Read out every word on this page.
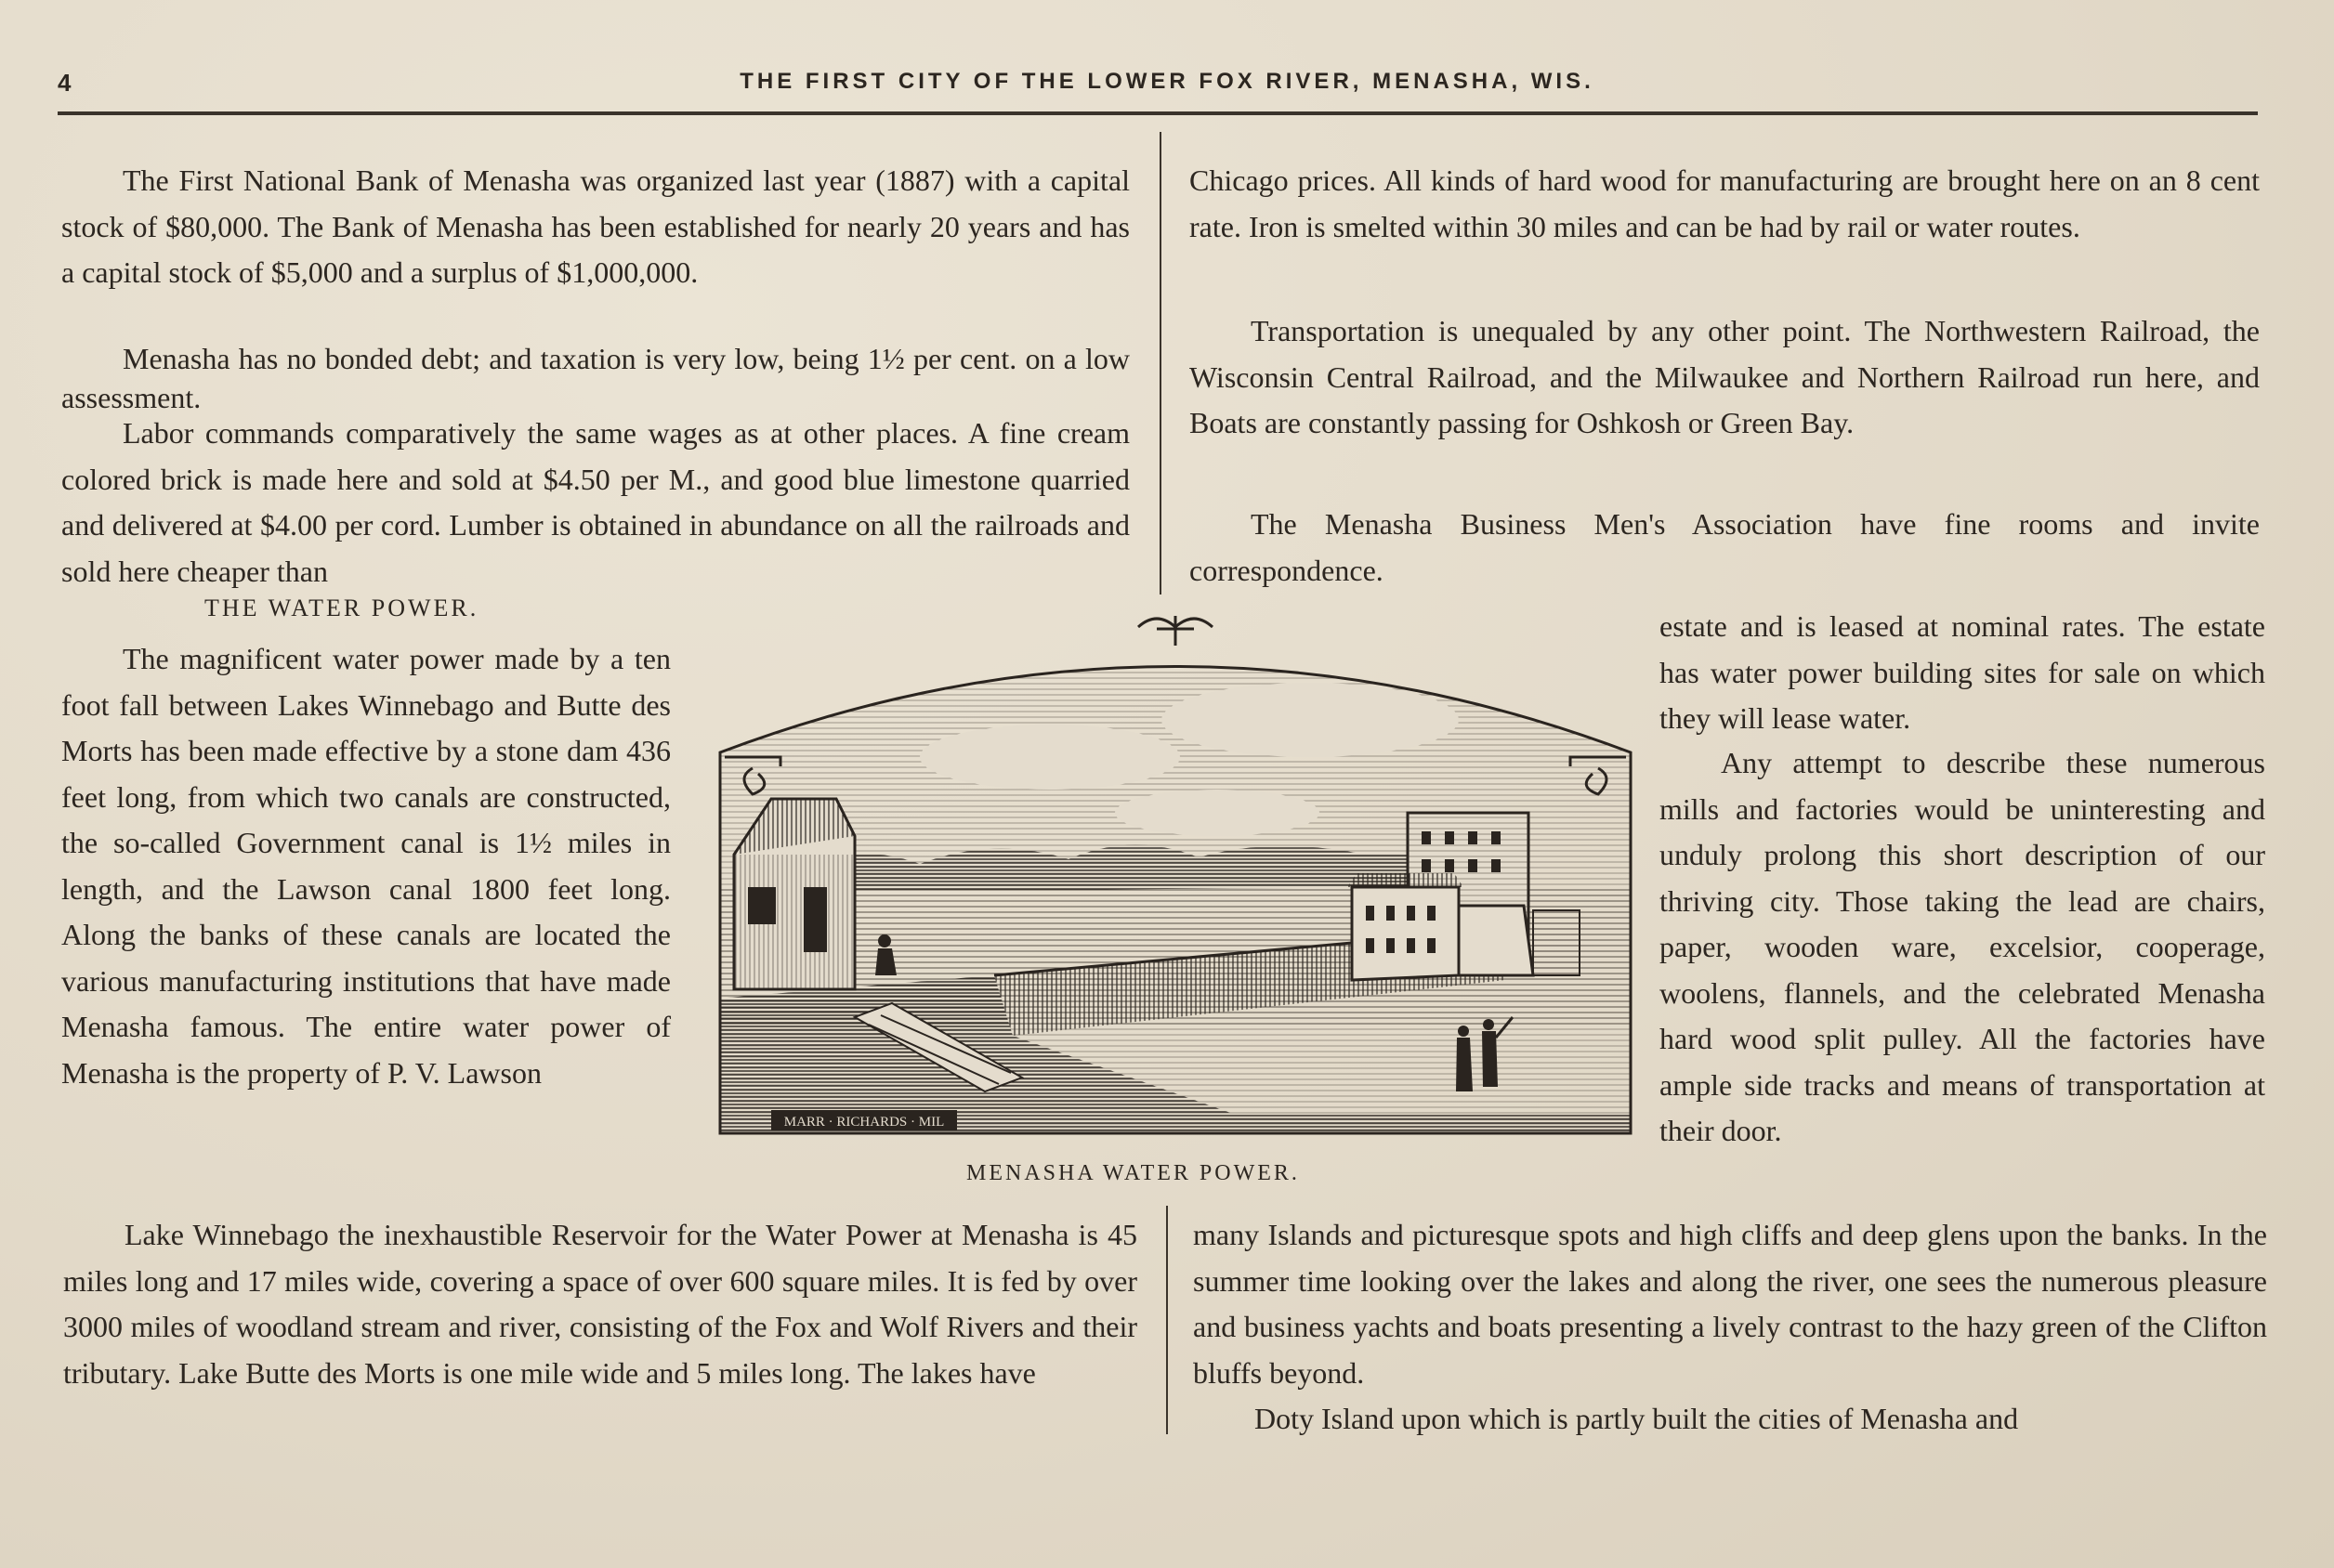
4	THE FIRST CITY OF THE LOWER FOX RIVER, MENASHA, WIS.
The First National Bank of Menasha was organized last year (1887) with a capital stock of $80,000. The Bank of Menasha has been established for nearly 20 years and has a capital stock of $5,000 and a surplus of $1,000,000.
Menasha has no bonded debt; and taxation is very low, being 1½ per cent. on a low assessment.
Labor commands comparatively the same wages as at other places. A fine cream colored brick is made here and sold at $4.50 per M., and good blue limestone quarried and delivered at $4.00 per cord. Lumber is obtained in abundance on all the railroads and sold here cheaper than
Chicago prices. All kinds of hard wood for manufacturing are brought here on an 8 cent rate. Iron is smelted within 30 miles and can be had by rail or water routes.
Transportation is unequaled by any other point. The Northwestern Railroad, the Wisconsin Central Railroad, and the Milwaukee and Northern Railroad run here, and Boats are constantly passing for Oshkosh or Green Bay.
The Menasha Business Men's Association have fine rooms and invite correspondence.
THE WATER POWER.
The magnificent water power made by a ten foot fall between Lakes Winnebago and Butte des Morts has been made effective by a stone dam 436 feet long, from which two canals are constructed, the so-called Government canal is 1½ miles in length, and the Lawson canal 1800 feet long. Along the banks of these canals are located the various manufacturing institutions that have made Menasha famous. The entire water power of Menasha is the property of P. V. Lawson
MARR · RICHARDS · MIL
MENASHA WATER POWER.
estate and is leased at nominal rates. The estate has water power building sites for sale on which they will lease water.
Any attempt to describe these numerous mills and factories would be uninteresting and unduly prolong this short description of our thriving city. Those taking the lead are chairs, paper, wooden ware, excelsior, cooperage, woolens, flannels, and the celebrated Menasha hard wood split pulley. All the factories have ample side tracks and means of transportation at their door.
Lake Winnebago the inexhaustible Reservoir for the Water Power at Menasha is 45 miles long and 17 miles wide, covering a space of over 600 square miles. It is fed by over 3000 miles of woodland stream and river, consisting of the Fox and Wolf Rivers and their tributary. Lake Butte des Morts is one mile wide and 5 miles long. The lakes have
many Islands and picturesque spots and high cliffs and deep glens upon the banks. In the summer time looking over the lakes and along the river, one sees the numerous pleasure and business yachts and boats presenting a lively contrast to the hazy green of the Clifton bluffs beyond.
Doty Island upon which is partly built the cities of Menasha and
